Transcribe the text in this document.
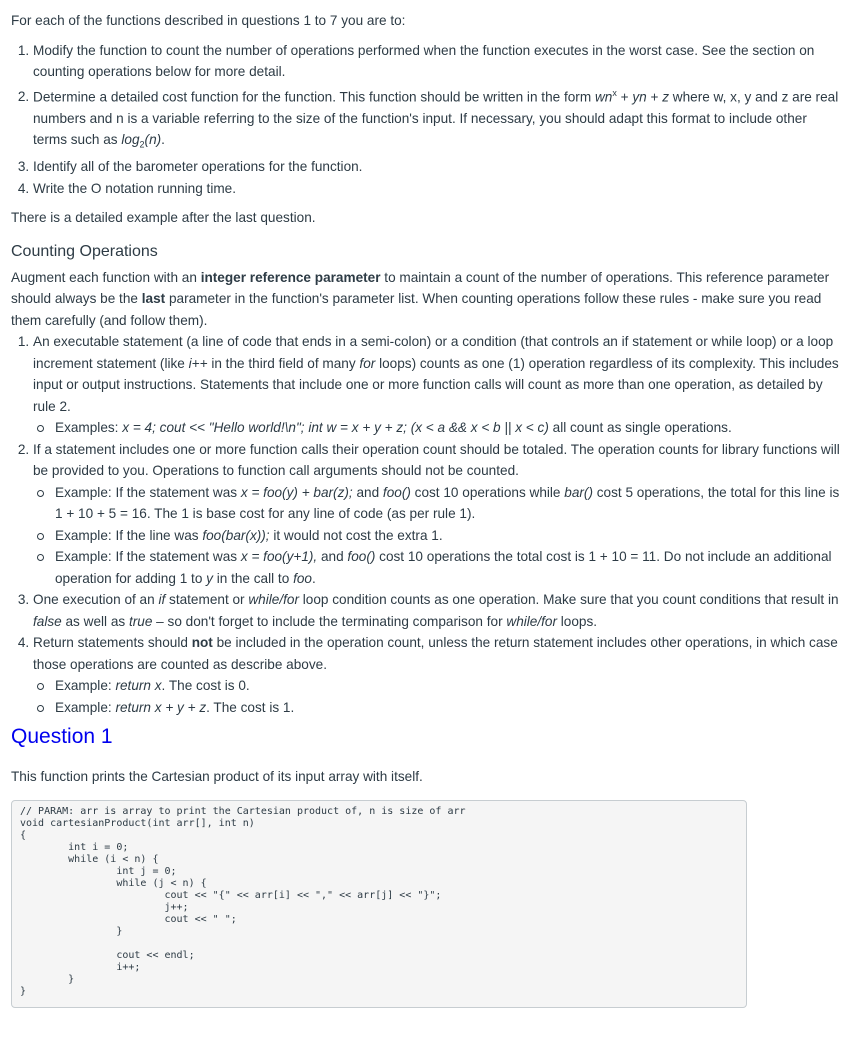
For each of the functions described in questions 1 to 7 you are to:

1. Modify the function to count the number of operations performed when the function executes in the worst case. See the section on counting operations below for more detail.
2. Determine a detailed cost function for the function. This function should be written in the form $wn^x$ + yn + z where w, x, y and z are real numbers and n is a variable referring to the size of the function's input. If necessary, you should adapt this format to include other terms such as $\log_2(n)$.
3. Identify all of the barometer operations for the function.
4. Write the O notation running time.

There is a detailed example after the last question.

Counting Operations

Augment each function with an integer reference parameter to maintain a count of the number of operations. This reference parameter should always be the last parameter in the function's parameter list. When counting operations follow these rules - make sure you read them carefully (and follow them).

1. An executable statement (a line of code that ends in a semi-colon) or a condition (that controls an if statement or while loop) or a loop increment statement (like i++ in the third field of many for loops) counts as one (1) operation regardless of its complexity. This includes input or output instructions. Statements that include one or more function calls will count as more than one operation, as detailed by rule 2.
Examples: x = 4; cout << "Hello world!\n"; int w = x + y + z; (x < a && x < b || x < c) all count as single operations.
2. If a statement includes one or more function calls their operation count should be totaled. The operation counts for library functions will be provided to you. Operations to function call arguments should not be counted.
Example: If the statement was x = foo(y) + bar(z); and foo() cost 10 operations while bar() cost 5 operations, the total for this line is 1 + 10 + 5 = 16. The 1 is base cost for any line of code (as per rule 1).
Example: If the line was foo(bar(x)); it would not cost the extra 1.
Example: If the statement was x = foo(y+1), and foo() cost 10 operations the total cost is 1 + 10 = 11. Do not include an additional operation for adding 1 to y in the call to foo.
3. One execution of an if statement or while/for loop condition counts as one operation. Make sure that you count conditions that result in false as well as true – so don't forget to include the terminating comparison for while/for loops.
4. Return statements should not be included in the operation count, unless the return statement includes other operations, in which case those operations are counted as describe above.
Example: return x. The cost is 0.
Example: return x + y + z. The cost is 1.
Question 1

This function prints the Cartesian product of its input array with itself.

// PARAM: arr is array to print the Cartesian product of, n is size of arr
void cartesianProduct(int arr[], int n)
{
int i = 0;
while (i < n) {
int j = 0;
while (j < n) {
cout << "{" << arr[i] << "," << arr[j] << "}";
j++;
cout << " ";
}

cout << endl;
i++;
}
}
